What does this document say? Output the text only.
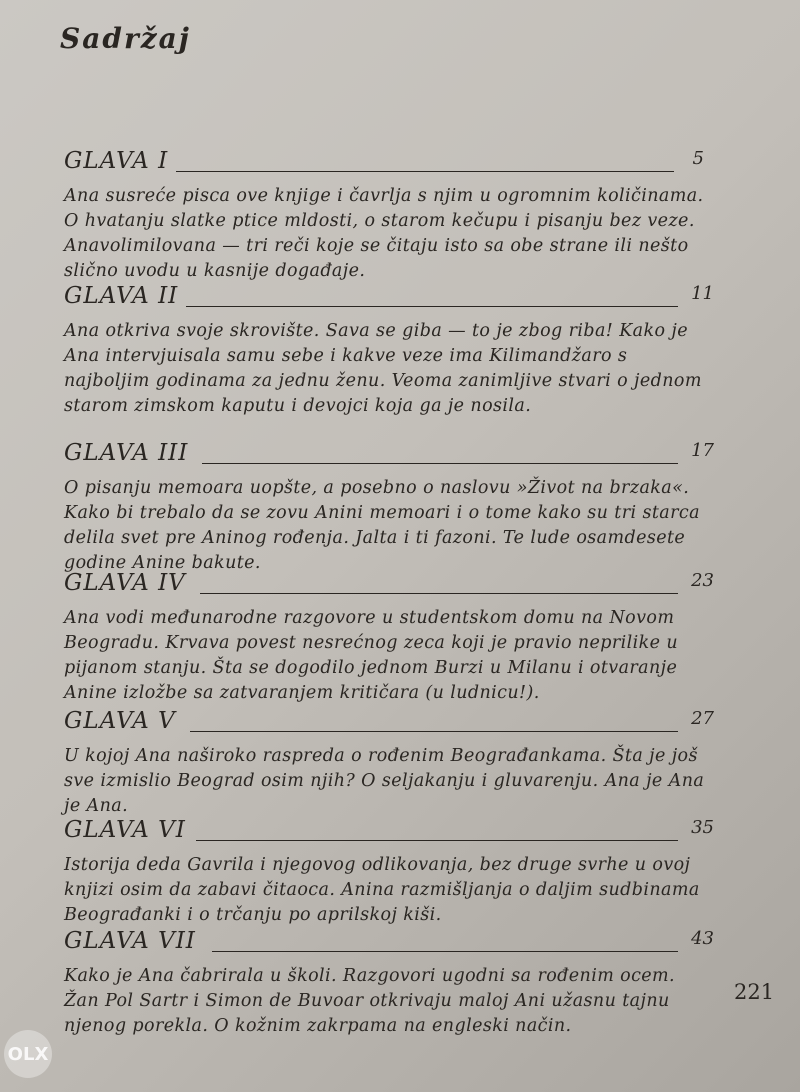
Sadržaj
GLAVA I	5
Ana susreće pisca ove knjige i čavrlja s njim u ogromnim količinama. O hvatanju slatke ptice mldosti, o starom kečupu i pisanju bez veze. Anavolimilovana — tri reči koje se čitaju isto sa obe strane ili nešto slično uvodu u kasnije događaje.
GLAVA II	11
Ana otkriva svoje skrovište. Sava se giba — to je zbog riba! Kako je Ana intervjuisala samu sebe i kakve veze ima Kilimandžaro s najboljim godinama za jednu ženu. Veoma zanimljive stvari o jednom starom zimskom kaputu i devojci koja ga je nosila.
GLAVA III	17
O pisanju memoara uopšte, a posebno o naslovu »Život na brzaka«. Kako bi trebalo da se zovu Anini memoari i o tome kako su tri starca delila svet pre Aninog rođenja. Jalta i ti fazoni. Te lude osamdesete godine Anine bakute.
GLAVA IV	23
Ana vodi međunarodne razgovore u studentskom domu na Novom Beogradu. Krvava povest nesrećnog zeca koji je pravio neprilike u pijanom stanju. Šta se dogodilo jednom Burzi u Milanu i otvaranje Anine izložbe sa zatvaranjem kritičara (u ludnicu!).
GLAVA V	27
U kojoj Ana naširoko raspreda o rođenim Beograđankama. Šta je još sve izmislio Beograd osim njih? O seljakanju i gluvarenju. Ana je Ana je Ana.
GLAVA VI	35
Istorija deda Gavrila i njegovog odlikovanja, bez druge svrhe u ovoj knjizi osim da zabavi čitaoca. Anina razmišljanja o daljim sudbinama Beograđanki i o trčanju po aprilskoj kiši.
GLAVA VII	43
Kako je Ana čabrirala u školi. Razgovori ugodni sa rođenim ocem. Žan Pol Sartr i Simon de Buvoar otkrivaju maloj Ani užasnu tajnu njenog porekla. O kožnim zakrpama na engleski način.
221
OLX
